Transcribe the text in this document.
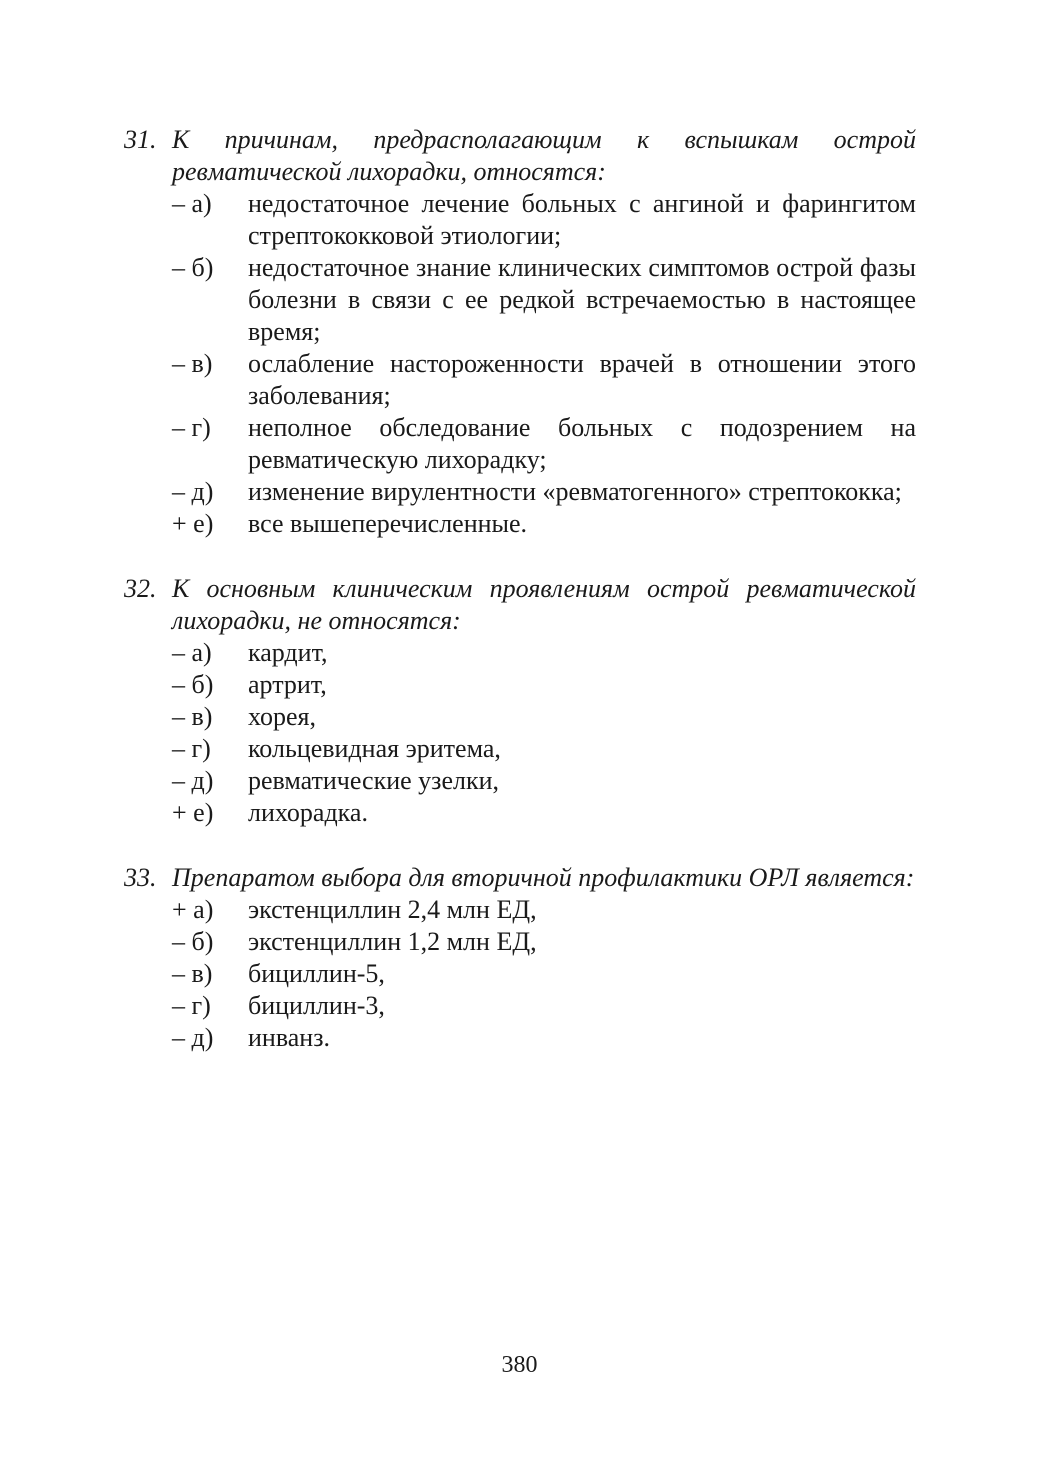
31. К причинам, предрасполагающим к вспышкам острой ревматической лихорадки, относятся:
– а) недостаточное лечение больных с ангиной и фарингитом стрептококковой этиологии;
– б) недостаточное знание клинических симптомов острой фазы болезни в связи с ее редкой встречаемостью в настоящее время;
– в) ослабление настороженности врачей в отношении этого заболевания;
– г) неполное обследование больных с подозрением на ревматическую лихорадку;
– д) изменение вирулентности «ревматогенного» стрептококка;
+ е) все вышеперечисленные.
32. К основным клиническим проявлениям острой ревматической лихорадки, не относятся:
– а) кардит,
– б) артрит,
– в) хорея,
– г) кольцевидная эритема,
– д) ревматические узелки,
+ е) лихорадка.
33. Препаратом выбора для вторичной профилактики ОРЛ является:
+ а) экстенциллин 2,4 млн ЕД,
– б) экстенциллин 1,2 млн ЕД,
– в) бициллин-5,
– г) бициллин-3,
– д) инванз.
380
